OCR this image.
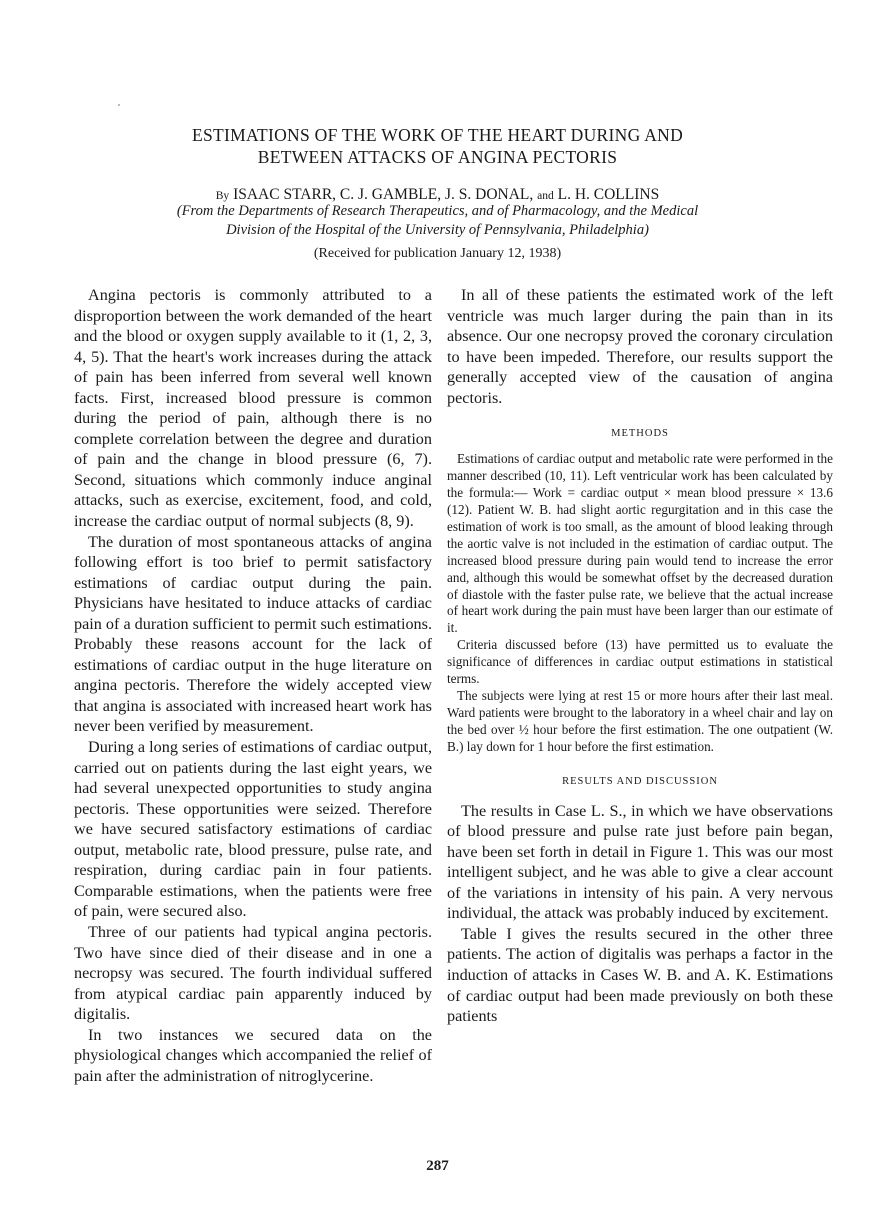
ESTIMATIONS OF THE WORK OF THE HEART DURING AND
BETWEEN ATTACKS OF ANGINA PECTORIS
By ISAAC STARR, C. J. GAMBLE, J. S. DONAL, and L. H. COLLINS
(From the Departments of Research Therapeutics, and of Pharmacology, and the Medical
Division of the Hospital of the University of Pennsylvania, Philadelphia)
(Received for publication January 12, 1938)

Angina pectoris is commonly attributed to a disproportion between the work demanded of the heart and the blood or oxygen supply available to it (1, 2, 3, 4, 5). That the heart's work increases during the attack of pain has been inferred from several well known facts. First, increased blood pressure is common during the period of pain, although there is no complete correlation between the degree and duration of pain and the change in blood pressure (6, 7). Second, situations which commonly induce anginal attacks, such as exercise, excitement, food, and cold, increase the cardiac output of normal subjects (8, 9).

The duration of most spontaneous attacks of angina following effort is too brief to permit satisfactory estimations of cardiac output during the pain. Physicians have hesitated to induce attacks of cardiac pain of a duration sufficient to permit such estimations. Probably these reasons account for the lack of estimations of cardiac output in the huge literature on angina pectoris. Therefore the widely accepted view that angina is associated with increased heart work has never been verified by measurement.

During a long series of estimations of cardiac output, carried out on patients during the last eight years, we had several unexpected opportunities to study angina pectoris. These opportunities were seized. Therefore we have secured satisfactory estimations of cardiac output, metabolic rate, blood pressure, pulse rate, and respiration, during cardiac pain in four patients. Comparable estimations, when the patients were free of pain, were secured also.

Three of our patients had typical angina pectoris. Two have since died of their disease and in one a necropsy was secured. The fourth individual suffered from atypical cardiac pain apparently induced by digitalis.

In two instances we secured data on the physiological changes which accompanied the relief of pain after the administration of nitroglycerine.

In all of these patients the estimated work of the left ventricle was much larger during the pain than in its absence. Our one necropsy proved the coronary circulation to have been impeded. Therefore, our results support the generally accepted view of the causation of angina pectoris.

METHODS

Estimations of cardiac output and metabolic rate were performed in the manner described (10, 11). Left ventricular work has been calculated by the formula:— Work = cardiac output × mean blood pressure × 13.6 (12). Patient W. B. had slight aortic regurgitation and in this case the estimation of work is too small, as the amount of blood leaking through the aortic valve is not included in the estimation of cardiac output. The increased blood pressure during pain would tend to increase the error and, although this would be somewhat offset by the decreased duration of diastole with the faster pulse rate, we believe that the actual increase of heart work during the pain must have been larger than our estimate of it.

Criteria discussed before (13) have permitted us to evaluate the significance of differences in cardiac output estimations in statistical terms.

The subjects were lying at rest 15 or more hours after their last meal. Ward patients were brought to the laboratory in a wheel chair and lay on the bed over ½ hour before the first estimation. The one outpatient (W. B.) lay down for 1 hour before the first estimation.

RESULTS AND DISCUSSION

The results in Case L. S., in which we have observations of blood pressure and pulse rate just before pain began, have been set forth in detail in Figure 1. This was our most intelligent subject, and he was able to give a clear account of the variations in intensity of his pain. A very nervous individual, the attack was probably induced by excitement.

Table I gives the results secured in the other three patients. The action of digitalis was perhaps a factor in the induction of attacks in Cases W. B. and A. K. Estimations of cardiac output had been made previously on both these patients

287
